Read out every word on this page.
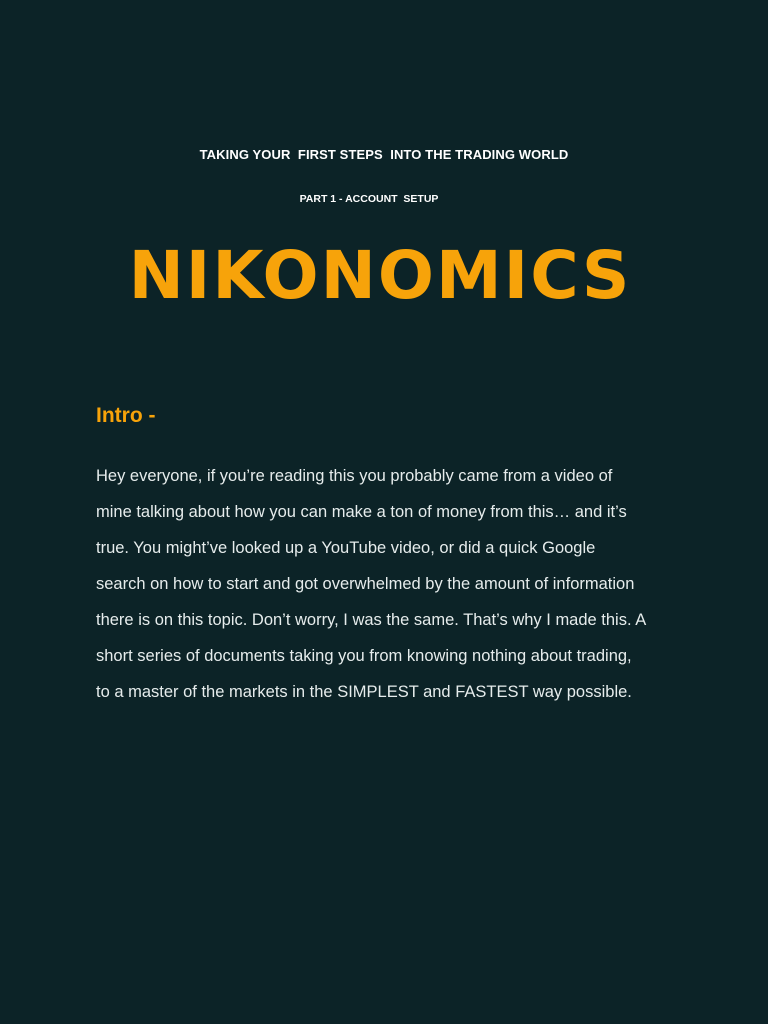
TAKING YOUR  FIRST STEPS  INTO THE TRADING WORLD
PART 1 - ACCOUNT  SETUP
NIKONOMICS
Intro -
Hey everyone, if you’re reading this you probably came from a video of
mine talking about how you can make a ton of money from this… and it’s
true. You might’ve looked up a YouTube video, or did a quick Google
search on how to start and got overwhelmed by the amount of information
there is on this topic. Don’t worry, I was the same. That’s why I made this. A
short series of documents taking you from knowing nothing about trading,
to a master of the markets in the SIMPLEST and FASTEST way possible.
